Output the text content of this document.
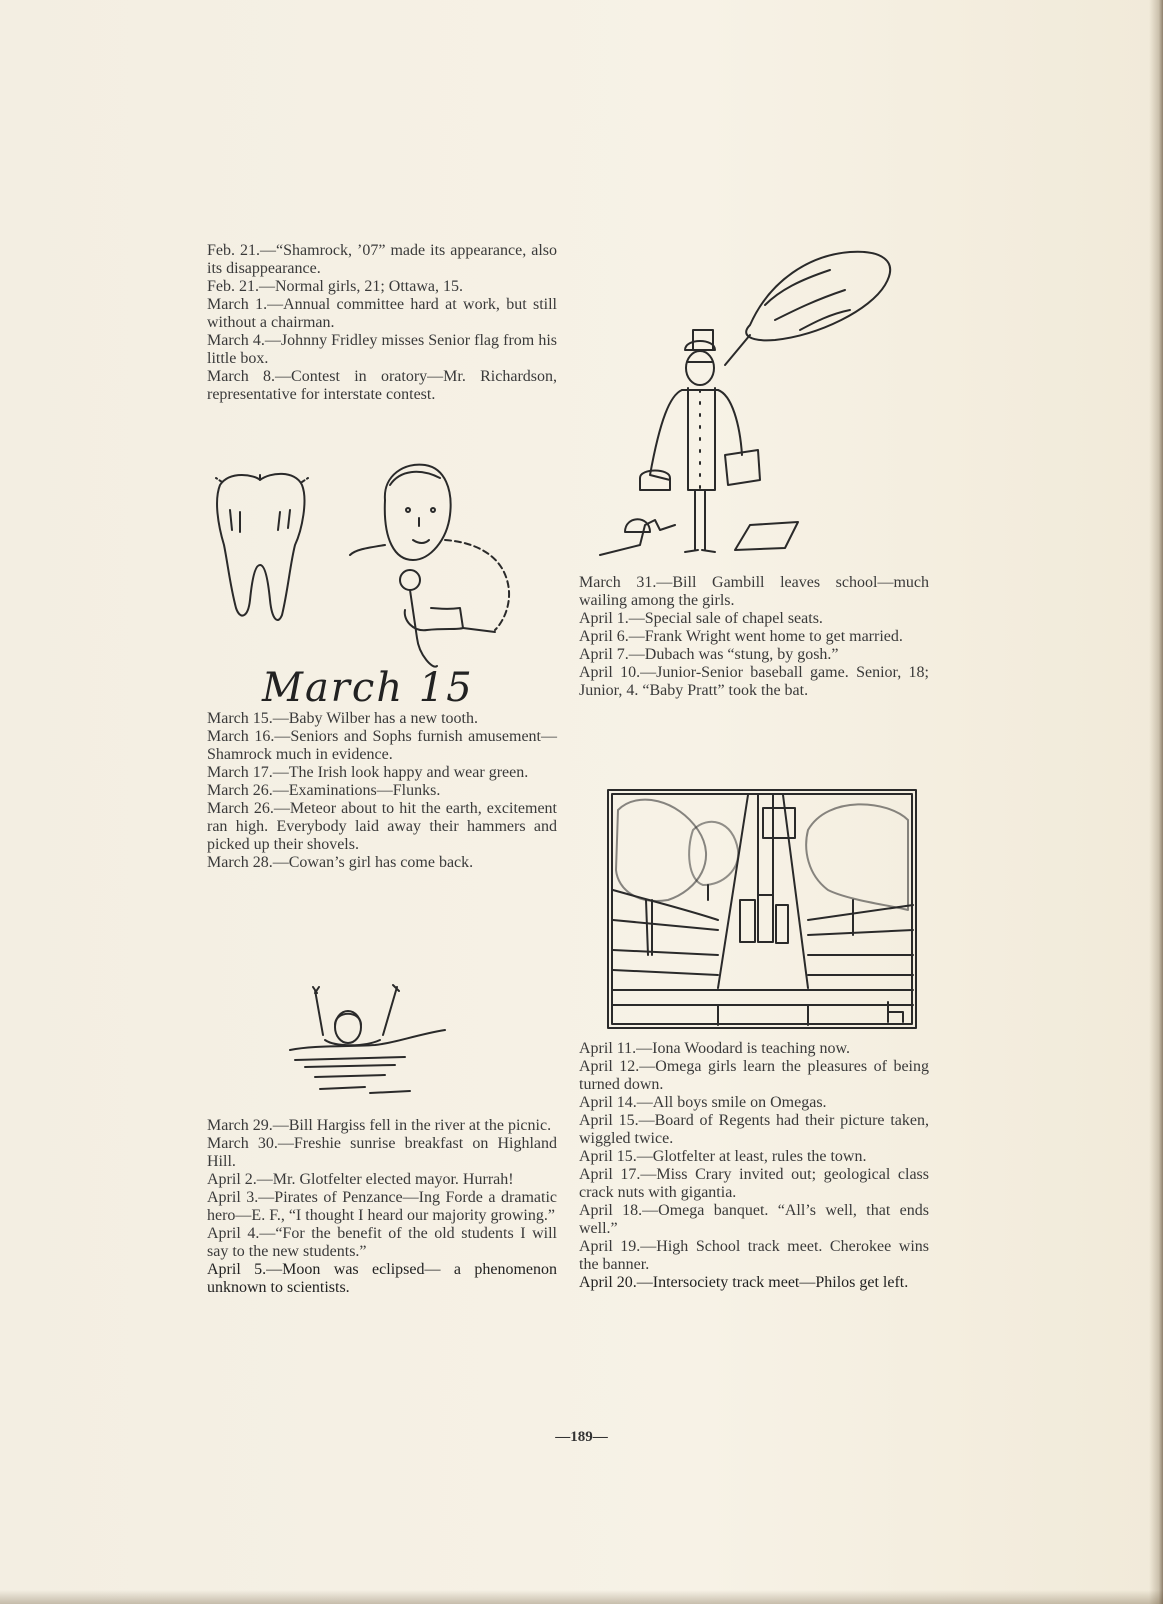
Feb. 21.—“Shamrock, ’07” made its appearance, also its disappearance.

Feb. 21.—Normal girls, 21; Ottawa, 15.

March 1.—Annual committee hard at work, but still without a chairman.

March 4.—Johnny Fridley misses Senior flag from his little box.

March 8.—Contest in oratory—Mr. Richardson, representative for interstate contest.

March 15

March 15.—Baby Wilber has a new tooth.

March 16.—Seniors and Sophs furnish amusement—Shamrock much in evidence.

March 17.—The Irish look happy and wear green.

March 26.—Examinations—Flunks.

March 26.—Meteor about to hit the earth, excitement ran high. Everybody laid away their hammers and picked up their shovels.

March 28.—Cowan’s girl has come back.

March 29.—Bill Hargiss fell in the river at the picnic.

March 30.—Freshie sunrise breakfast on Highland Hill.

April 2.—Mr. Glotfelter elected mayor. Hurrah!

April 3.—Pirates of Penzance—Ing Forde a dramatic hero—E. F., “I thought I heard our majority growing.”

April 4.—“For the benefit of the old students I will say to the new students.”

April 5.—Moon was eclipsed— a phenomenon unknown to scientists.

March 31.—Bill Gambill leaves school—much wailing among the girls.

April 1.—Special sale of chapel seats.

April 6.—Frank Wright went home to get married.

April 7.—Dubach was “stung, by gosh.”

April 10.—Junior-Senior baseball game. Senior, 18; Junior, 4. “Baby Pratt” took the bat.

April 11.—Iona Woodard is teaching now.

April 12.—Omega girls learn the pleasures of being turned down.

April 14.—All boys smile on Omegas.

April 15.—Board of Regents had their picture taken, wiggled twice.

April 15.—Glotfelter at least, rules the town.

April 17.—Miss Crary invited out; geological class crack nuts with gigantia.

April 18.—Omega banquet. “All’s well, that ends well.”

April 19.—High School track meet. Cherokee wins the banner.

April 20.—Intersociety track meet—Philos get left.

—189—
